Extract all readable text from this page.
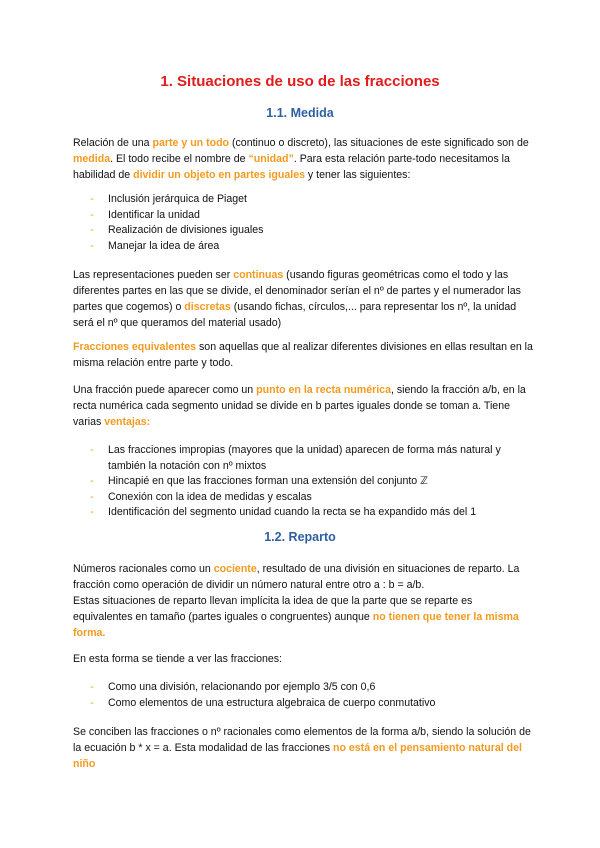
1. Situaciones de uso de las fracciones
1.1. Medida

Relación de una parte y un todo (continuo o discreto), las situaciones de este significado son de medida. El todo recibe el nombre de “unidad”. Para esta relación parte-todo necesitamos la habilidad de dividir un objeto en partes iguales y tener las siguientes:

- Inclusión jerárquica de Piaget
- Identificar la unidad
- Realización de divisiones iguales
- Manejar la idea de área

Las representaciones pueden ser continuas (usando figuras geométricas como el todo y las diferentes partes en las que se divide, el denominador serían el nº de partes y el numerador las partes que cogemos) o discretas (usando fichas, círculos,... para representar los nº, la unidad será el nº que queramos del material usado)

Fracciones equivalentes son aquellas que al realizar diferentes divisiones en ellas resultan en la misma relación entre parte y todo.

Una fracción puede aparecer como un punto en la recta numérica, siendo la fracción a/b, en la recta numérica cada segmento unidad se divide en b partes iguales donde se toman a. Tiene varias ventajas:

- Las fracciones impropias (mayores que la unidad) aparecen de forma más natural y también la notación con nº mixtos
- Hincapié en que las fracciones forman una extensión del conjunto ℤ
- Conexión con la idea de medidas y escalas
- Identificación del segmento unidad cuando la recta se ha expandido más del 1
1.2. Reparto

Números racionales como un cociente, resultado de una división en situaciones de reparto. La fracción como operación de dividir un número natural entre otro a : b = a/b.

Estas situaciones de reparto llevan implícita la idea de que la parte que se reparte es equivalentes en tamaño (partes iguales o congruentes) aunque no tienen que tener la misma forma.

En esta forma se tiende a ver las fracciones:

- Como una división, relacionando por ejemplo 3/5 con 0,6
- Como elementos de una estructura algebraica de cuerpo conmutativo

Se conciben las fracciones o nº racionales como elementos de la forma a/b, siendo la solución de la ecuación b * x = a. Esta modalidad de las fracciones no está en el pensamiento natural del niño
